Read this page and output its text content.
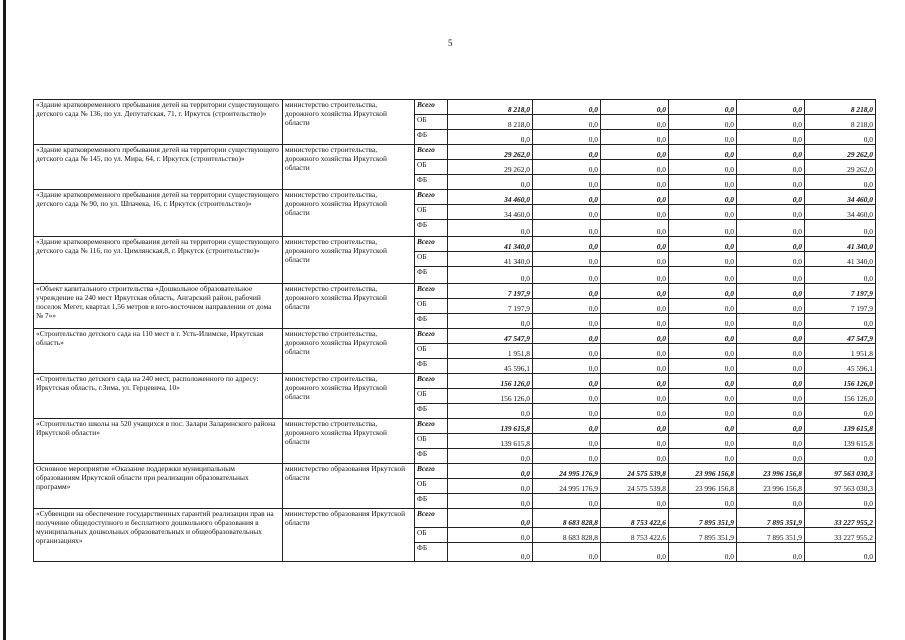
5
«Здание кратковременного пребывания детей на территории существующего детского сада № 136, по ул. Депутатская, 71, г. Иркутск (строительство)»	министерство строительства, дорожного хозяйства Иркутской области	Всего	8 218,0	0,0	0,0	0,0	0,0	8 218,0
		ОБ	8 218,0	0,0	0,0	0,0	0,0	8 218,0
		ФБ	0,0	0,0	0,0	0,0	0,0	0,0
«Здание кратковременного пребывания детей на территории существующего детского сада № 145, по ул. Мира, 64, г. Иркутск (строительство)»	министерство строительства, дорожного хозяйства Иркутской области	Всего	29 262,0	0,0	0,0	0,0	0,0	29 262,0
		ОБ	29 262,0	0,0	0,0	0,0	0,0	29 262,0
		ФБ	0,0	0,0	0,0	0,0	0,0	0,0
«Здание кратковременного пребывания детей на территории существующего детского сада № 90, по ул. Шпачека, 16, г. Иркутск (строительство)»	министерство строительства, дорожного хозяйства Иркутской области	Всего	34 460,0	0,0	0,0	0,0	0,0	34 460,0
		ОБ	34 460,0	0,0	0,0	0,0	0,0	34 460,0
		ФБ	0,0	0,0	0,0	0,0	0,0	0,0
«Здание кратковременного пребывания детей на территории существующего детского сада № 116, по ул. Цимлянская,8, г. Иркутск (строительство)»	министерство строительства, дорожного хозяйства Иркутской области	Всего	41 340,0	0,0	0,0	0,0	0,0	41 340,0
		ОБ	41 340,0	0,0	0,0	0,0	0,0	41 340,0
		ФБ	0,0	0,0	0,0	0,0	0,0	0,0
«Объект капитального строительства «Дошкольное образовательное учреждение на 240 мест Иркутская область, Ангарский район, рабочий поселок Мегет, квартал 1,56 метров в юго-восточном направлении от дома № 7»»	министерство строительства, дорожного хозяйства Иркутской области	Всего	7 197,9	0,0	0,0	0,0	0,0	7 197,9
		ОБ	7 197,9	0,0	0,0	0,0	0,0	7 197,9
		ФБ	0,0	0,0	0,0	0,0	0,0	0,0
«Строительство детского сада на 110 мест в г. Усть-Илимске, Иркутская область»	министерство строительства, дорожного хозяйства Иркутской области	Всего	47 547,9	0,0	0,0	0,0	0,0	47 547,9
		ОБ	1 951,8	0,0	0,0	0,0	0,0	1 951,8
		ФБ	45 596,1	0,0	0,0	0,0	0,0	45 596,1
«Строительство детского сада на 240 мест, расположенного по адресу: Иркутская область, г.Зима, ул. Герцевича, 10»	министерство строительства, дорожного хозяйства Иркутской области	Всего	156 126,0	0,0	0,0	0,0	0,0	156 126,0
		ОБ	156 126,0	0,0	0,0	0,0	0,0	156 126,0
		ФБ	0,0	0,0	0,0	0,0	0,0	0,0
«Строительство школы на 520 учащихся в пос. Залари Заларинского района Иркутской области»	министерство строительства, дорожного хозяйства Иркутской области	Всего	139 615,8	0,0	0,0	0,0	0,0	139 615,8
		ОБ	139 615,8	0,0	0,0	0,0	0,0	139 615,8
		ФБ	0,0	0,0	0,0	0,0	0,0	0,0
Основное мероприятие «Оказание поддержки муниципальным образованиям Иркутской области при реализации образовательных программ»	министерство образования Иркутской области	Всего	0,0	24 995 176,9	24 575 539,8	23 996 156,8	23 996 156,8	97 563 030,3
		ОБ	0,0	24 995 176,9	24 575 539,8	23 996 156,8	23 996 156,8	97 563 030,3
		ФБ	0,0	0,0	0,0	0,0	0,0	0,0
«Субвенции на обеспечение государственных гарантий реализации прав на получение общедоступного и бесплатного дошкольного образования в муниципальных дошкольных образовательных и общеобразовательных организациях»	министерство образования Иркутской области	Всего	0,0	8 683 828,8	8 753 422,6	7 895 351,9	7 895 351,9	33 227 955,2
		ОБ	0,0	8 683 828,8	8 753 422,6	7 895 351,9	7 895 351,9	33 227 955,2
		ФБ	0,0	0,0	0,0	0,0	0,0	0,0
